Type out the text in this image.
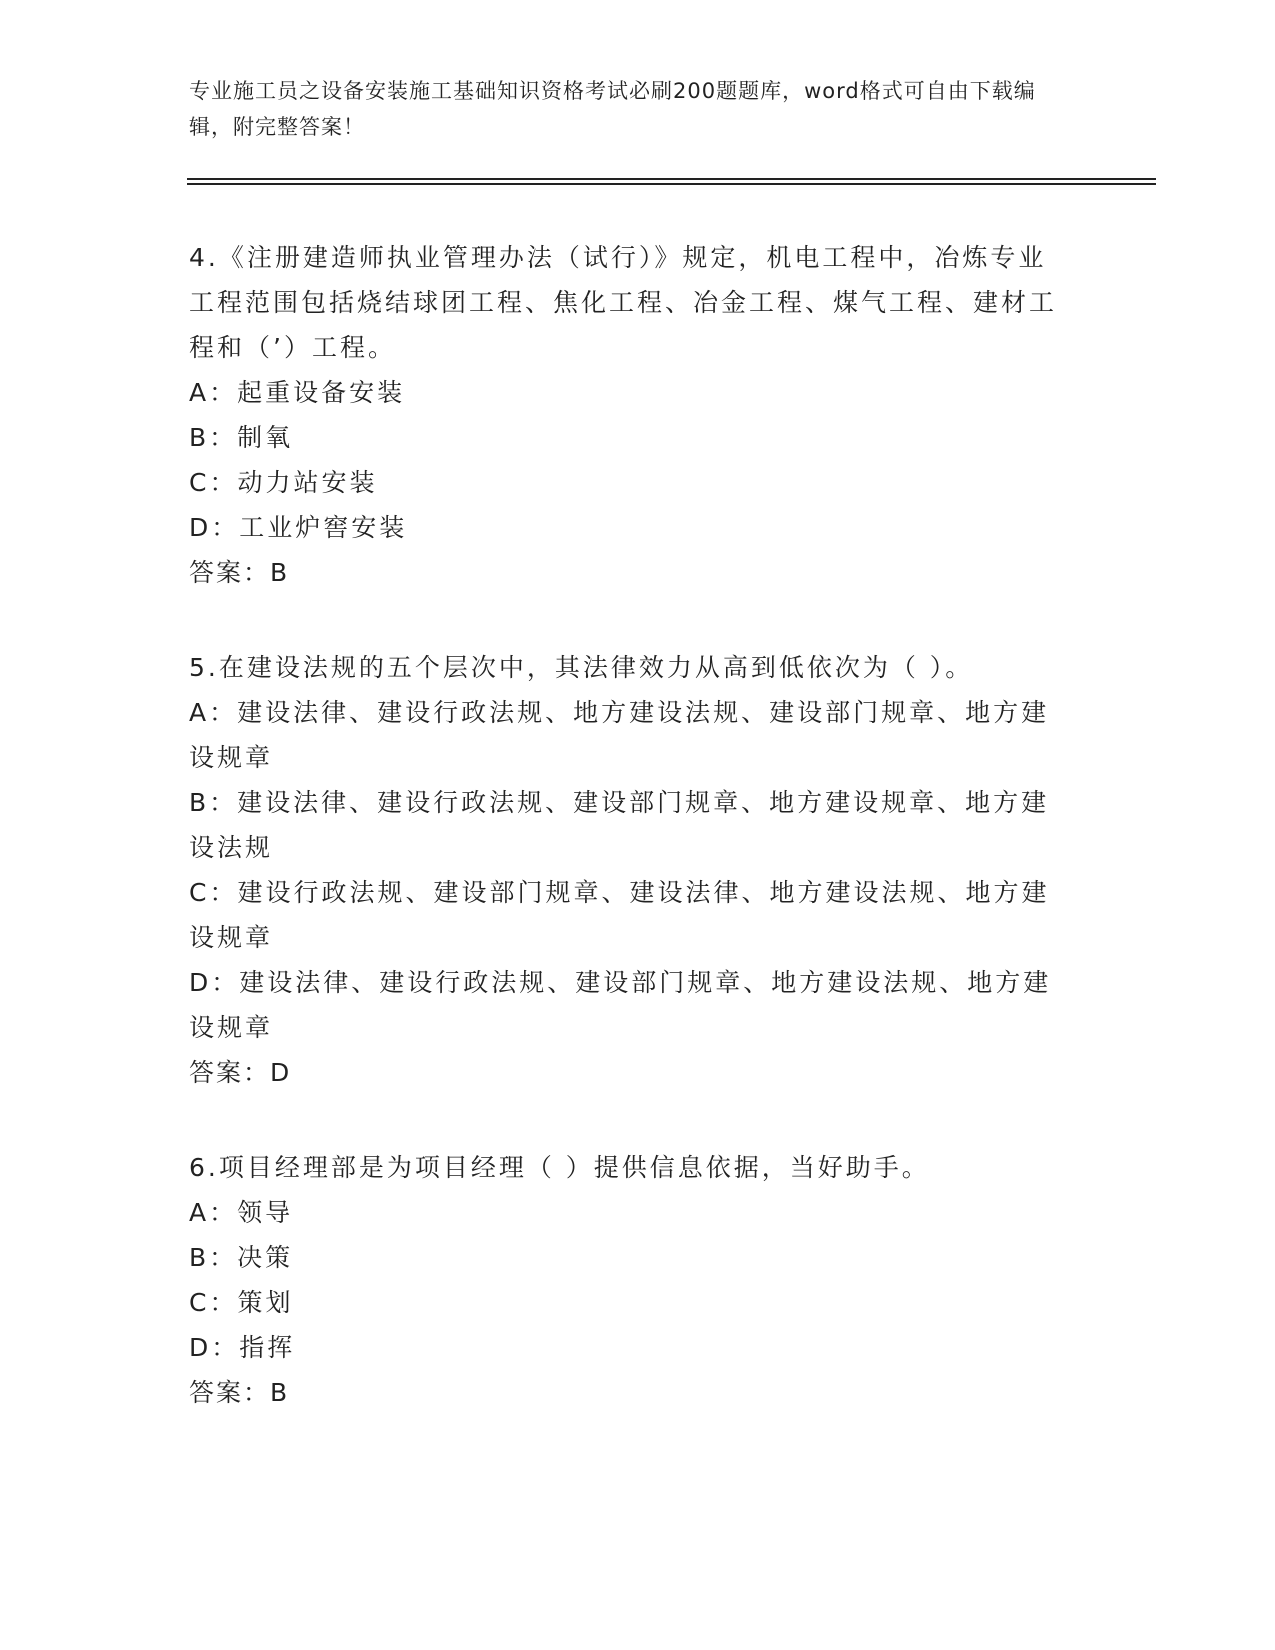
专业施工员之设备安装施工基础知识资格考试必刷200题题库，word格式可自由下载编辑，附完整答案！

4.《注册建造师执业管理办法（试行）》规定，机电工程中，冶炼专业工程范围包括烧结球团工程、焦化工程、冶金工程、煤气工程、建材工程和（’）工程。

A：起重设备安装

B：制氧

C：动力站安装

D：工业炉窖安装

答案：B

5.在建设法规的五个层次中，其法律效力从高到低依次为（ ）。

A：建设法律、建设行政法规、地方建设法规、建设部门规章、地方建设规章

B：建设法律、建设行政法规、建设部门规章、地方建设规章、地方建设法规

C：建设行政法规、建设部门规章、建设法律、地方建设法规、地方建设规章

D：建设法律、建设行政法规、建设部门规章、地方建设法规、地方建设规章

答案：D

6.项目经理部是为项目经理（ ）提供信息依据，当好助手。

A：领导

B：决策

C：策划

D：指挥

答案：B
